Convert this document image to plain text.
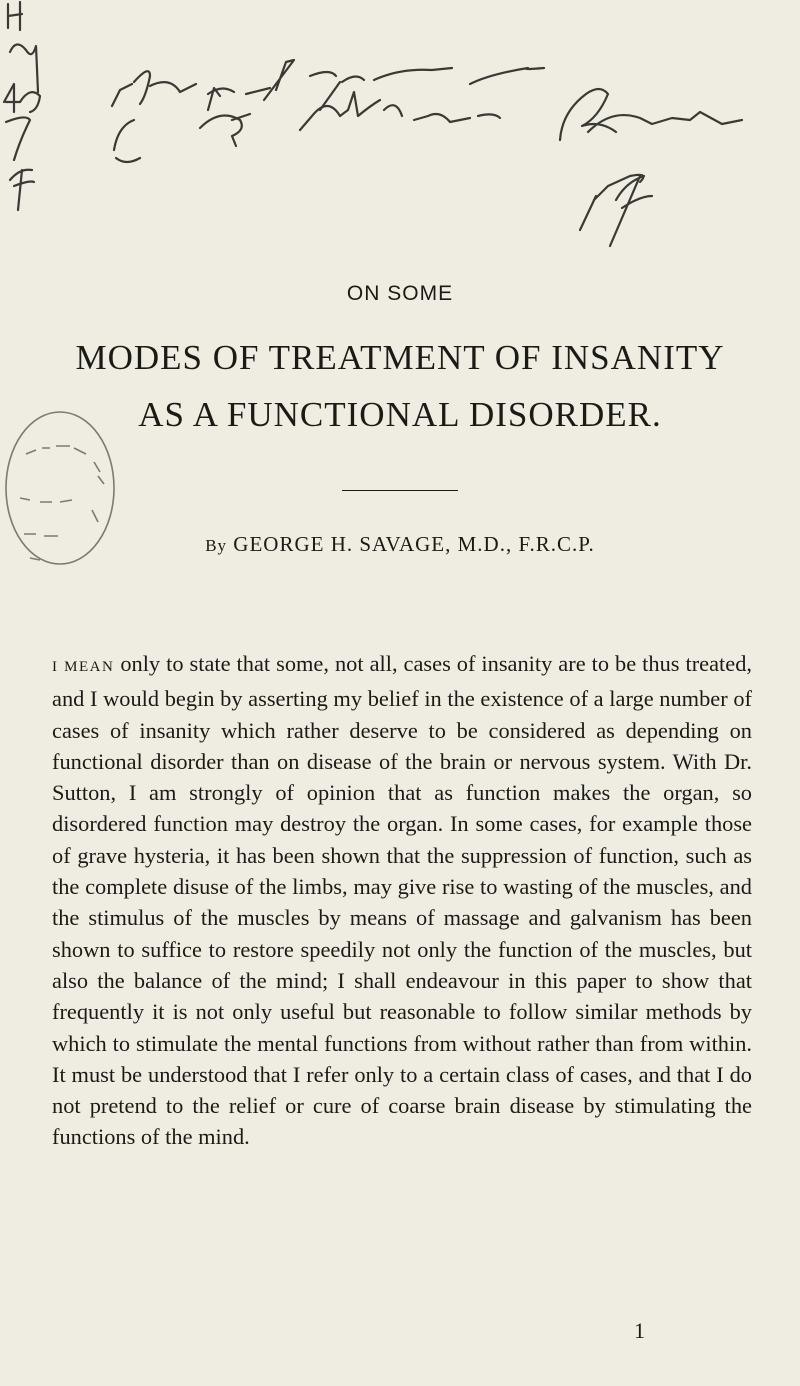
ON SOME
MODES OF TREATMENT OF INSANITY
AS A FUNCTIONAL DISORDER.
By GEORGE H. SAVAGE, M.D., F.R.C.P.
I MEAN only to state that some, not all, cases of insanity are to be thus treated, and I would begin by asserting my belief in the existence of a large number of cases of insanity which rather deserve to be considered as depending on functional disorder than on disease of the brain or nervous system. With Dr. Sutton, I am strongly of opinion that as function makes the organ, so disordered function may destroy the organ. In some cases, for example those of grave hysteria, it has been shown that the suppression of function, such as the complete disuse of the limbs, may give rise to wasting of the muscles, and the stimulus of the muscles by means of massage and galvanism has been shown to suffice to restore speedily not only the function of the muscles, but also the balance of the mind; I shall endeavour in this paper to show that frequently it is not only useful but reasonable to follow similar methods by which to stimulate the mental functions from without rather than from within. It must be understood that I refer only to a certain class of cases, and that I do not pretend to the relief or cure of coarse brain disease by stimulating the functions of the mind.
1
